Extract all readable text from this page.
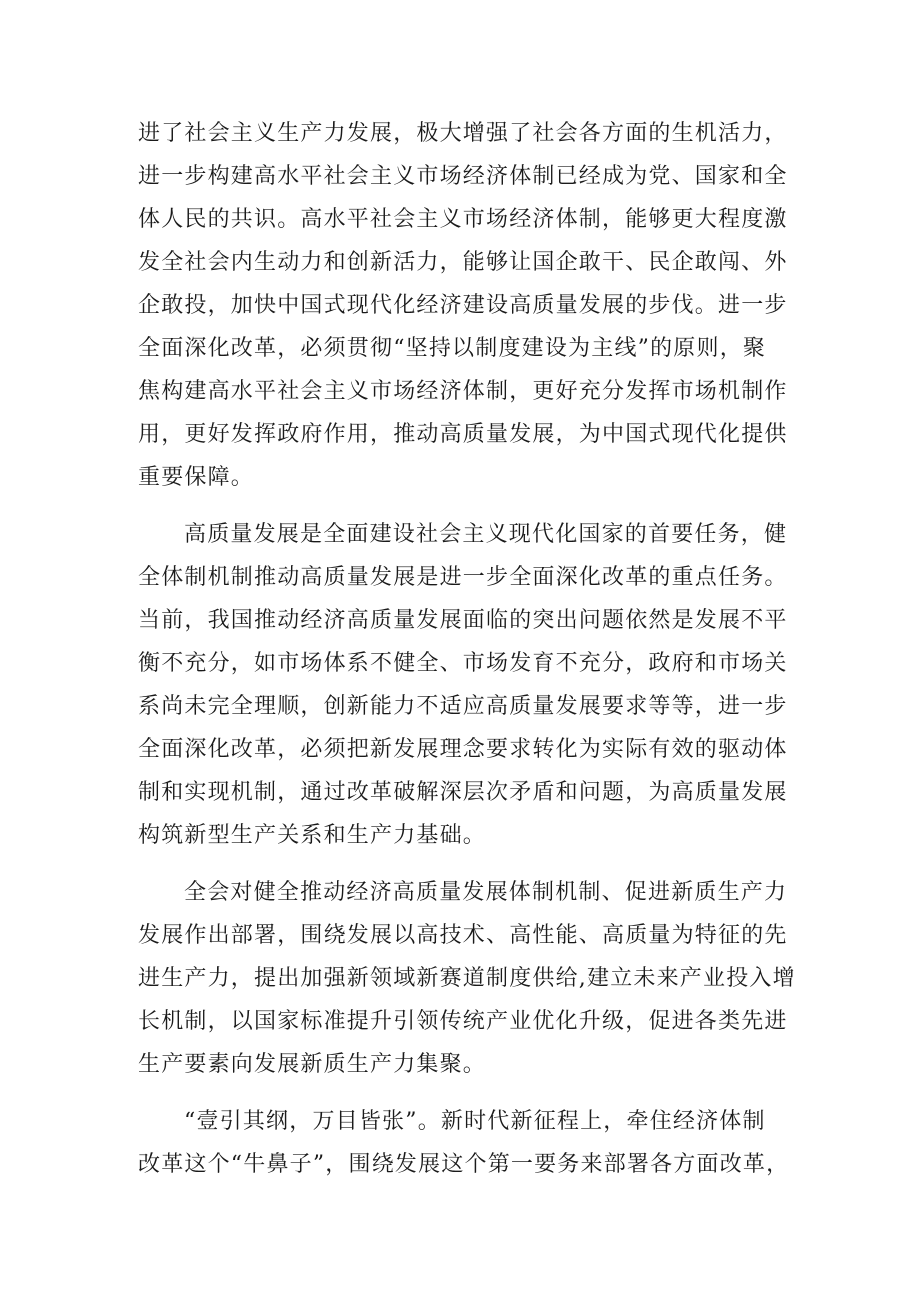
进了社会主义生产力发展，极大增强了社会各方面的生机活力，
进一步构建高水平社会主义市场经济体制已经成为党、国家和全
体人民的共识。高水平社会主义市场经济体制，能够更大程度激
发全社会内生动力和创新活力，能够让国企敢干、民企敢闯、外
企敢投，加快中国式现代化经济建设高质量发展的步伐。进一步
全面深化改革，必须贯彻“坚持以制度建设为主线”的原则，聚
焦构建高水平社会主义市场经济体制，更好充分发挥市场机制作
用，更好发挥政府作用，推动高质量发展，为中国式现代化提供
重要保障。

高质量发展是全面建设社会主义现代化国家的首要任务，健
全体制机制推动高质量发展是进一步全面深化改革的重点任务。
当前，我国推动经济高质量发展面临的突出问题依然是发展不平
衡不充分，如市场体系不健全、市场发育不充分，政府和市场关
系尚未完全理顺，创新能力不适应高质量发展要求等等，进一步
全面深化改革，必须把新发展理念要求转化为实际有效的驱动体
制和实现机制，通过改革破解深层次矛盾和问题，为高质量发展
构筑新型生产关系和生产力基础。

全会对健全推动经济高质量发展体制机制、促进新质生产力
发展作出部署，围绕发展以高技术、高性能、高质量为特征的先
进生产力，提出加强新领域新赛道制度供给,建立未来产业投入增
长机制，以国家标准提升引领传统产业优化升级，促进各类先进
生产要素向发展新质生产力集聚。

“壹引其纲，万目皆张”。新时代新征程上，牵住经济体制
改革这个“牛鼻子”，围绕发展这个第一要务来部署各方面改革，
